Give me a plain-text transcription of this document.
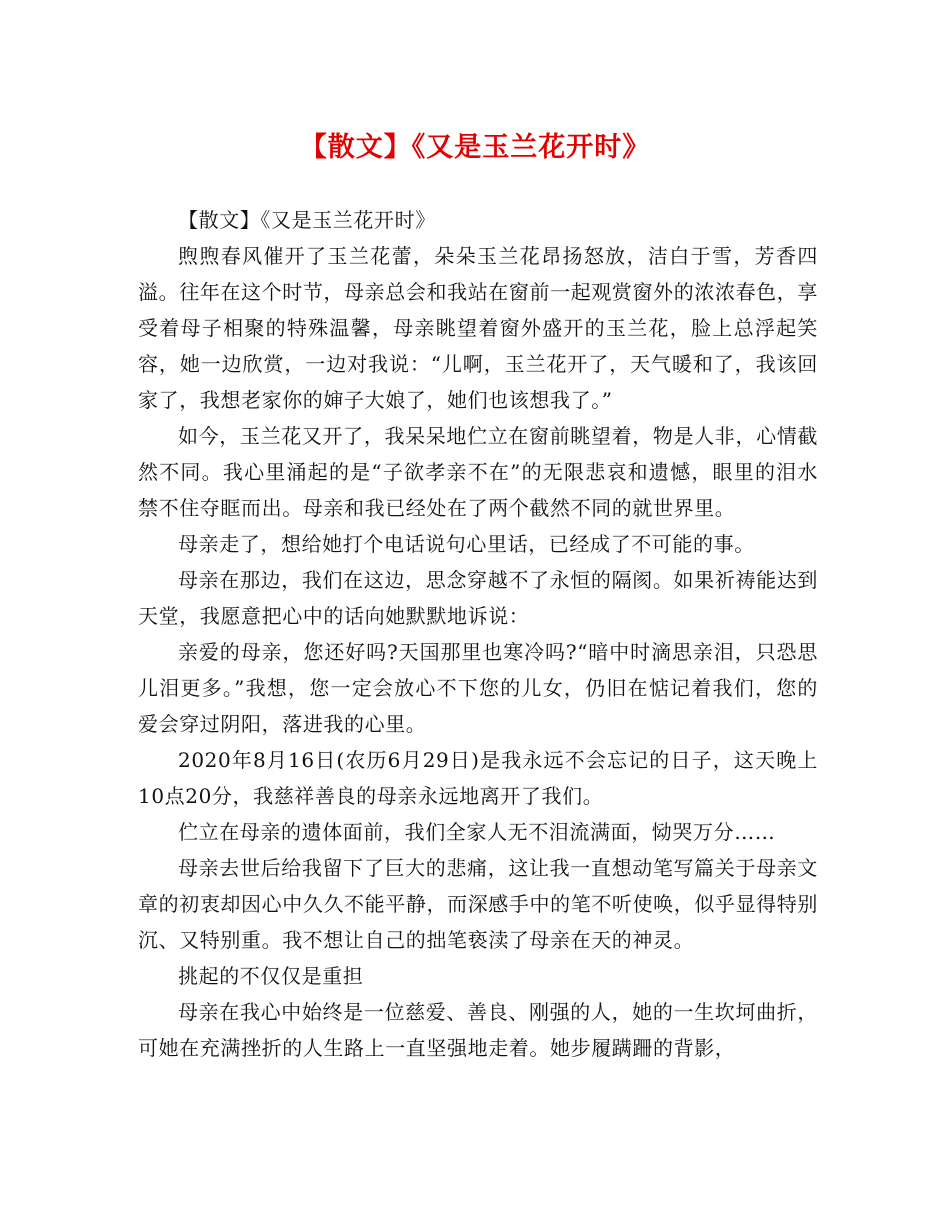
【散文】《又是玉兰花开时》

【散文】《又是玉兰花开时》

煦煦春风催开了玉兰花蕾，朵朵玉兰花昂扬怒放，洁白于雪，芳香四溢。往年在这个时节，母亲总会和我站在窗前一起观赏窗外的浓浓春色，享受着母子相聚的特殊温馨，母亲眺望着窗外盛开的玉兰花，脸上总浮起笑容，她一边欣赏，一边对我说：“儿啊，玉兰花开了，天气暖和了，我该回家了，我想老家你的婶子大娘了，她们也该想我了。”

如今，玉兰花又开了，我呆呆地伫立在窗前眺望着，物是人非，心情截然不同。我心里涌起的是“子欲孝亲不在”的无限悲哀和遗憾，眼里的泪水禁不住夺眶而出。母亲和我已经处在了两个截然不同的就世界里。

母亲走了，想给她打个电话说句心里话，已经成了不可能的事。

母亲在那边，我们在这边，思念穿越不了永恒的隔阂。如果祈祷能达到天堂，我愿意把心中的话向她默默地诉说：

亲爱的母亲，您还好吗?天国那里也寒冷吗?“暗中时滴思亲泪，只恐思儿泪更多。”我想，您一定会放心不下您的儿女，仍旧在惦记着我们，您的爱会穿过阴阳，落进我的心里。

2020年8月16日(农历6月29日)是我永远不会忘记的日子，这天晚上10点20分，我慈祥善良的母亲永远地离开了我们。

伫立在母亲的遗体面前，我们全家人无不泪流满面，恸哭万分……

母亲去世后给我留下了巨大的悲痛，这让我一直想动笔写篇关于母亲文章的初衷却因心中久久不能平静，而深感手中的笔不听使唤，似乎显得特别沉、又特别重。我不想让自己的拙笔亵渎了母亲在天的神灵。

挑起的不仅仅是重担

母亲在我心中始终是一位慈爱、善良、刚强的人，她的一生坎坷曲折，可她在充满挫折的人生路上一直坚强地走着。她步履蹒跚的背影，
